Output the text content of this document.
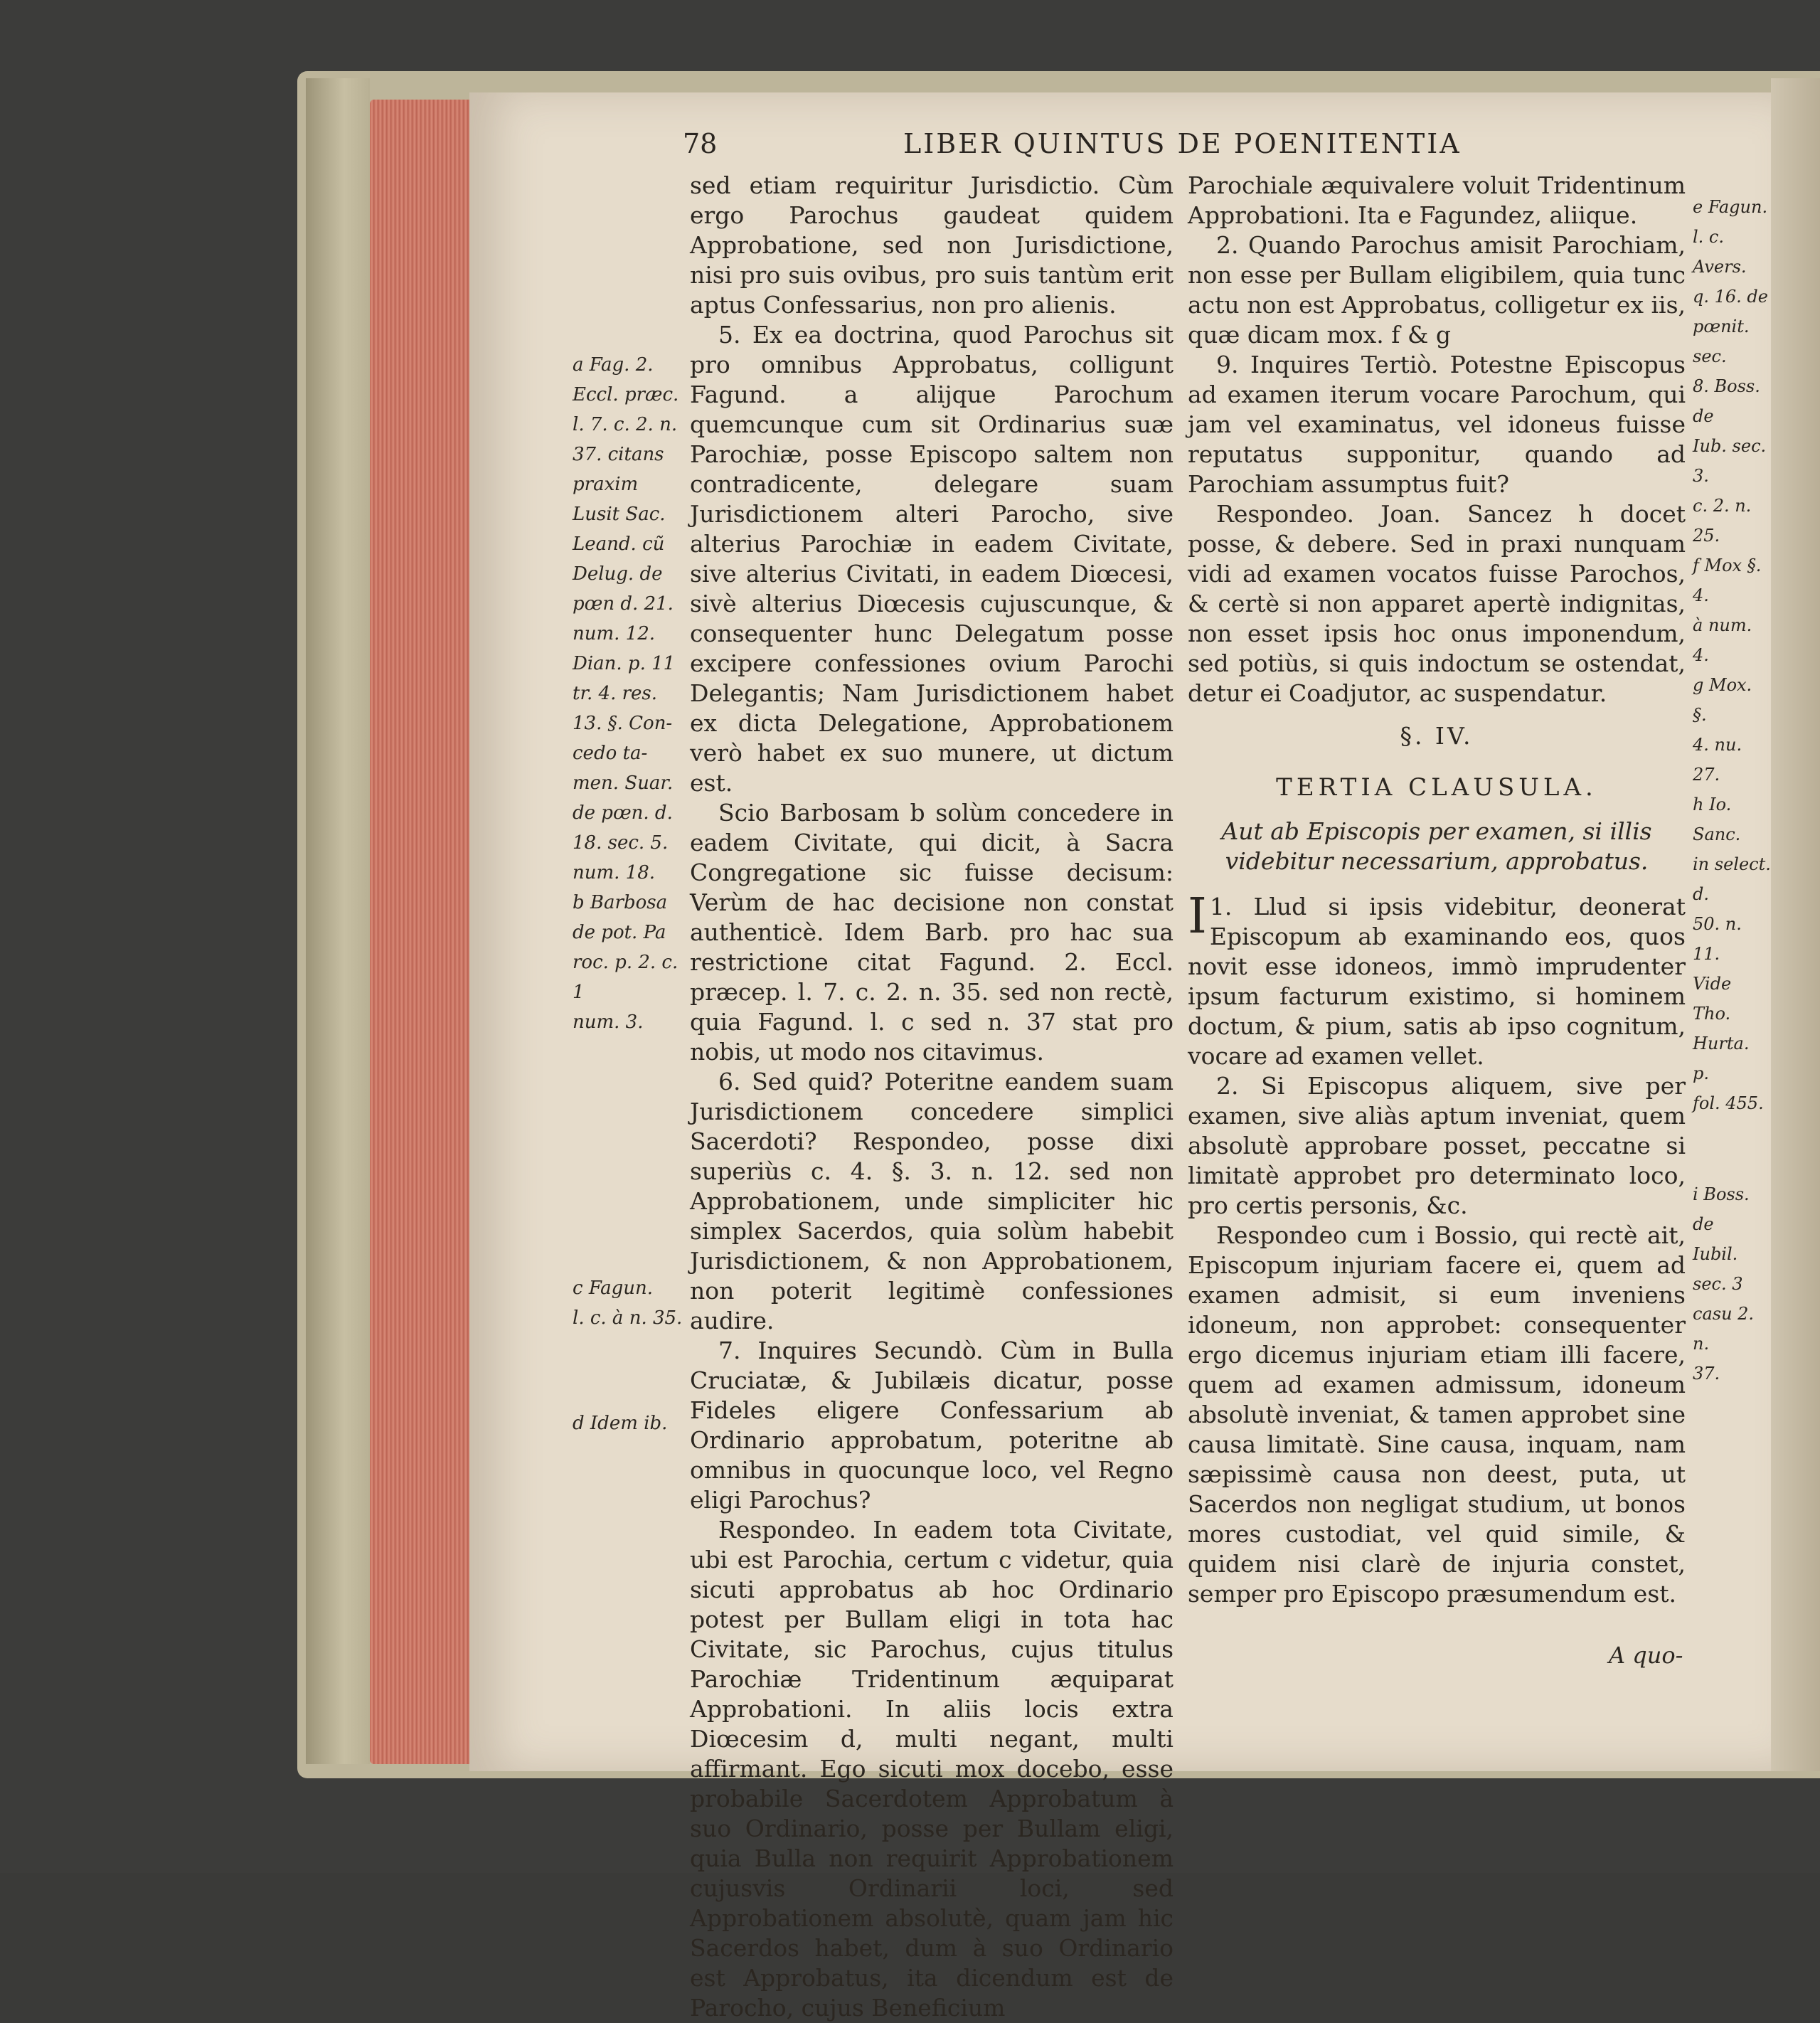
78	LIBER QUINTUS DE POENITENTIA

sed etiam requiritur Jurisdictio. Cùm ergo Parochus gaudeat quidem Approbatione, sed non Jurisdictione, nisi pro suis ovibus, pro suis tantùm erit aptus Confessarius, non pro alienis.

5. Ex ea doctrina, quod Parochus sit pro omnibus Approbatus, colligunt Fagund. a alijque Parochum quemcunque cum sit Ordinarius suæ Parochiæ, posse Episcopo saltem non contradicente, delegare suam Jurisdictionem alteri Parocho, sive alterius Parochiæ in eadem Civitate, sive alterius Civitati, in eadem Diœcesi, sivè alterius Diœcesis cujuscunque, & consequenter hunc Delegatum posse excipere confessiones ovium Parochi Delegantis; Nam Jurisdictionem habet ex dicta Delegatione, Approbationem verò habet ex suo munere, ut dictum est.

Scio Barbosam b solùm concedere in eadem Civitate, qui dicit, à Sacra Congregatione sic fuisse decisum: Verùm de hac decisione non constat authenticè. Idem Barb. pro hac sua restrictione citat Fagund. 2. Eccl. præcep. l. 7. c. 2. n. 35. sed non rectè, quia Fagund. l. c sed n. 37 stat pro nobis, ut modo nos citavimus.

6. Sed quid? Poteritne eandem suam Jurisdictionem concedere simplici Sacerdoti? Respondeo, posse dixi superiùs c. 4. §. 3. n. 12. sed non Approbationem, unde simpliciter hic simplex Sacerdos, quia solùm habebit Jurisdictionem, & non Approbationem, non poterit legitimè confessiones audire.

7. Inquires Secundò. Cùm in Bulla Cruciatæ, & Jubilæis dicatur, posse Fideles eligere Confessarium ab Ordinario approbatum, poteritne ab omnibus in quocunque loco, vel Regno eligi Parochus?

Respondeo. In eadem tota Civitate, ubi est Parochia, certum c videtur, quia sicuti approbatus ab hoc Ordinario potest per Bullam eligi in tota hac Civitate, sic Parochus, cujus titulus Parochiæ Tridentinum æquiparat Approbationi. In aliis locis extra Diœcesim d, multi negant, multi affirmant. Ego sicuti mox docebo, esse probabile Sacerdotem Approbatum à suo Ordinario, posse per Bullam eligi, quia Bulla non requirit Approbationem cujusvis Ordinarii loci, sed Approbationem absolutè, quam jam hic Sacerdos habet, dum à suo Ordinario est Approbatus, ita dicendum est de Parocho, cujus Beneficium

Parochiale æquivalere voluit Tridentinum Approbationi. Ita e Fagundez, aliique.

2. Quando Parochus amisit Parochiam, non esse per Bullam eligibilem, quia tunc actu non est Approbatus, colligetur ex iis, quæ dicam mox. f & g

9. Inquires Tertiò. Potestne Episcopus ad examen iterum vocare Parochum, qui jam vel examinatus, vel idoneus fuisse reputatus supponitur, quando ad Parochiam assumptus fuit?

Respondeo. Joan. Sancez h docet posse, & debere. Sed in praxi nunquam vidi ad examen vocatos fuisse Parochos, & certè si non apparet apertè indignitas, non esset ipsis hoc onus imponendum, sed potiùs, si quis indoctum se ostendat, detur ei Coadjutor, ac suspendatur.

§. IV.

TERTIA CLAUSULA.

Aut ab Episcopis per examen, si illis videbitur necessarium, approbatus.

I 1. Llud si ipsis videbitur, deonerat Episcopum ab examinando eos, quos novit esse idoneos, immò imprudenter ipsum facturum existimo, si hominem doctum, & pium, satis ab ipso cognitum, vocare ad examen vellet.

2. Si Episcopus aliquem, sive per examen, sive aliàs aptum inveniat, quem absolutè approbare posset, peccatne si limitatè approbet pro determinato loco, pro certis personis, &c.

Respondeo cum i Bossio, qui rectè ait, Episcopum injuriam facere ei, quem ad examen admisit, si eum inveniens idoneum, non approbet: consequenter ergo dicemus injuriam etiam illi facere, quem ad examen admissum, idoneum absolutè inveniat, & tamen approbet sine causa limitatè. Sine causa, inquam, nam sæpissimè causa non deest, puta, ut Sacerdos non negligat studium, ut bonos mores custodiat, vel quid simile, & quidem nisi clarè de injuria constet, semper pro Episcopo præsumendum est.

a Fag. 2.
Eccl. præc.
l. 7. c. 2. n.
37. citans
praxim
Lusit Sac.
Leand. cũ
Delug. de
pœn d. 21.
num. 12.
Dian. p. 11
tr. 4. res.
13. §. Con-
cedo ta-
men. Suar.
de pœn. d.
18. sec. 5.
num. 18.
b Barbosa
de pot. Pa
roc. p. 2. c. 1
num. 3.
c Fagun.
l. c. à n. 35.
d Idem ib.
e Fagun.
l. c. Avers.
q. 16. de
pœnit. sec.
8. Boss. de
Iub. sec. 3.
c. 2. n. 25.
f Mox §. 4.
à num. 4.
g Mox. §.
4. nu. 27.
h Io. Sanc.
in select. d.
50. n. 11.
Vide Tho.
Hurta. p.
fol. 455.
i Boss. de
Iubil. sec. 3
casu 2. n.
37.
A quo-
